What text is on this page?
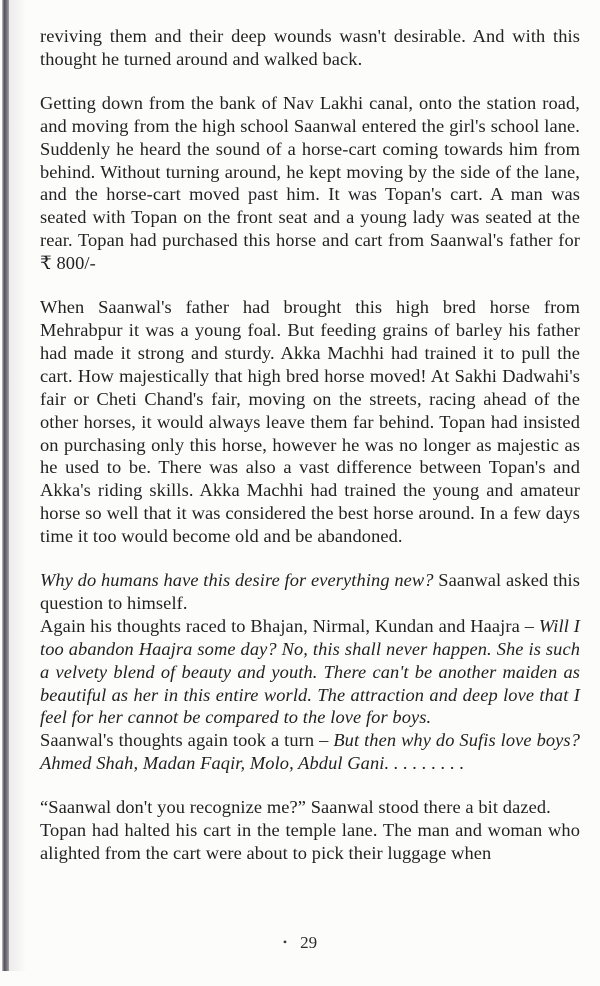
reviving them and their deep wounds wasn't desirable. And with this thought he turned around and walked back.

Getting down from the bank of Nav Lakhi canal, onto the station road, and moving from the high school Saanwal entered the girl's school lane. Suddenly he heard the sound of a horse-cart coming towards him from behind. Without turning around, he kept moving by the side of the lane, and the horse-cart moved past him. It was Topan's cart. A man was seated with Topan on the front seat and a young lady was seated at the rear. Topan had purchased this horse and cart from Saanwal's father for ₹ 800/-

When Saanwal's father had brought this high bred horse from Mehrabpur it was a young foal. But feeding grains of barley his father had made it strong and sturdy. Akka Machhi had trained it to pull the cart. How majestically that high bred horse moved! At Sakhi Dadwahi's fair or Cheti Chand's fair, moving on the streets, racing ahead of the other horses, it would always leave them far behind. Topan had insisted on purchasing only this horse, however he was no longer as majestic as he used to be. There was also a vast difference between Topan's and Akka's riding skills. Akka Machhi had trained the young and amateur horse so well that it was considered the best horse around. In a few days time it too would become old and be abandoned.

Why do humans have this desire for everything new? Saanwal asked this question to himself.

Again his thoughts raced to Bhajan, Nirmal, Kundan and Haajra – Will I too abandon Haajra some day? No, this shall never happen. She is such a velvety blend of beauty and youth. There can't be another maiden as beautiful as her in this entire world. The attraction and deep love that I feel for her cannot be compared to the love for boys.

Saanwal's thoughts again took a turn – But then why do Sufis love boys? Ahmed Shah, Madan Faqir, Molo, Abdul Gani. . . . . . . . .

“Saanwal don't you recognize me?” Saanwal stood there a bit dazed.

Topan had halted his cart in the temple lane. The man and woman who alighted from the cart were about to pick their luggage when

• 29
